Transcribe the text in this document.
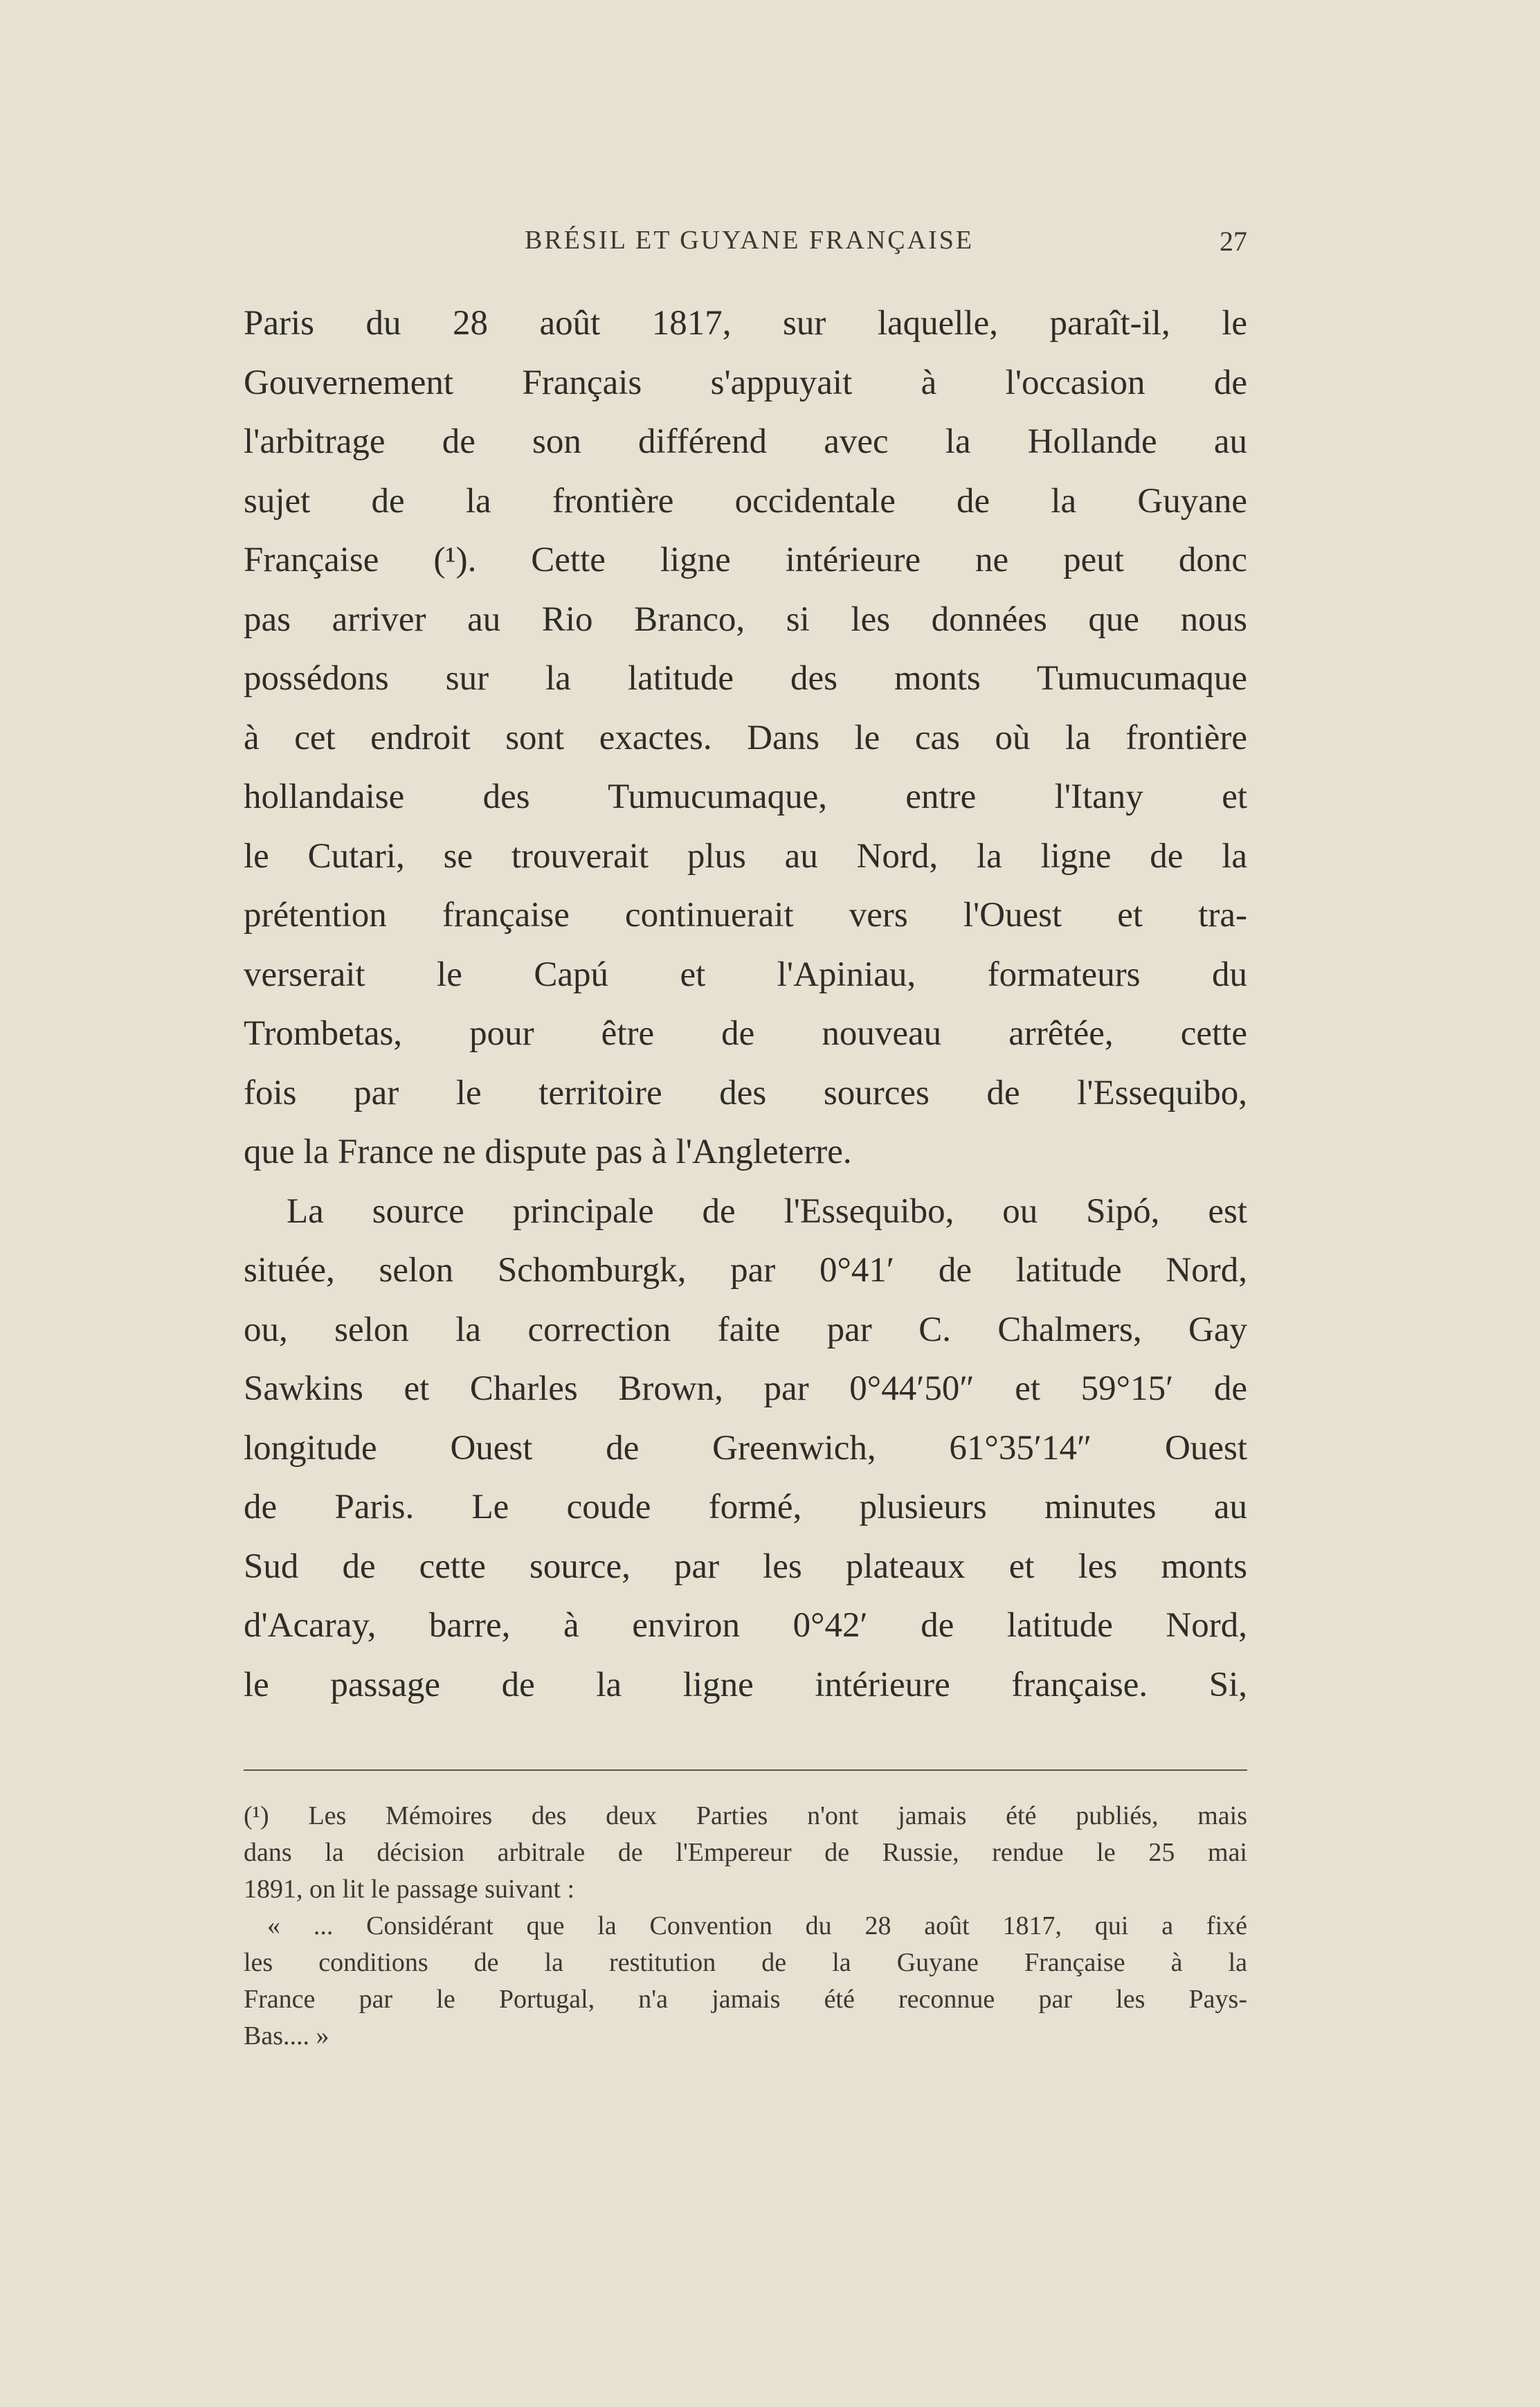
BRÉSIL ET GUYANE FRANÇAISE	27
Paris du 28 août 1817, sur laquelle, paraît-il, le
Gouvernement Français s'appuyait à l'occasion de
l'arbitrage de son différend avec la Hollande au
sujet de la frontière occidentale de la Guyane
Française (¹). Cette ligne intérieure ne peut donc
pas arriver au Rio Branco, si les données que nous
possédons sur la latitude des monts Tumucumaque
à cet endroit sont exactes. Dans le cas où la frontière
hollandaise des Tumucumaque, entre l'Itany et
le Cutari, se trouverait plus au Nord, la ligne de la
prétention française continuerait vers l'Ouest et tra-
verserait le Capú et l'Apiniau, formateurs du
Trombetas, pour être de nouveau arrêtée, cette
fois par le territoire des sources de l'Essequibo,
que la France ne dispute pas à l'Angleterre.
La source principale de l'Essequibo, ou Sipó, est
située, selon Schomburgk, par 0°41′ de latitude Nord,
ou, selon la correction faite par C. Chalmers, Gay
Sawkins et Charles Brown, par 0°44′50″ et 59°15′ de
longitude Ouest de Greenwich, 61°35′14″ Ouest
de Paris. Le coude formé, plusieurs minutes au
Sud de cette source, par les plateaux et les monts
d'Acaray, barre, à environ 0°42′ de latitude Nord,
le passage de la ligne intérieure française. Si,
(¹) Les Mémoires des deux Parties n'ont jamais été publiés, mais
dans la décision arbitrale de l'Empereur de Russie, rendue le 25 mai
1891, on lit le passage suivant :
« ... Considérant que la Convention du 28 août 1817, qui a fixé
les conditions de la restitution de la Guyane Française à la
France par le Portugal, n'a jamais été reconnue par les Pays-
Bas.... »
